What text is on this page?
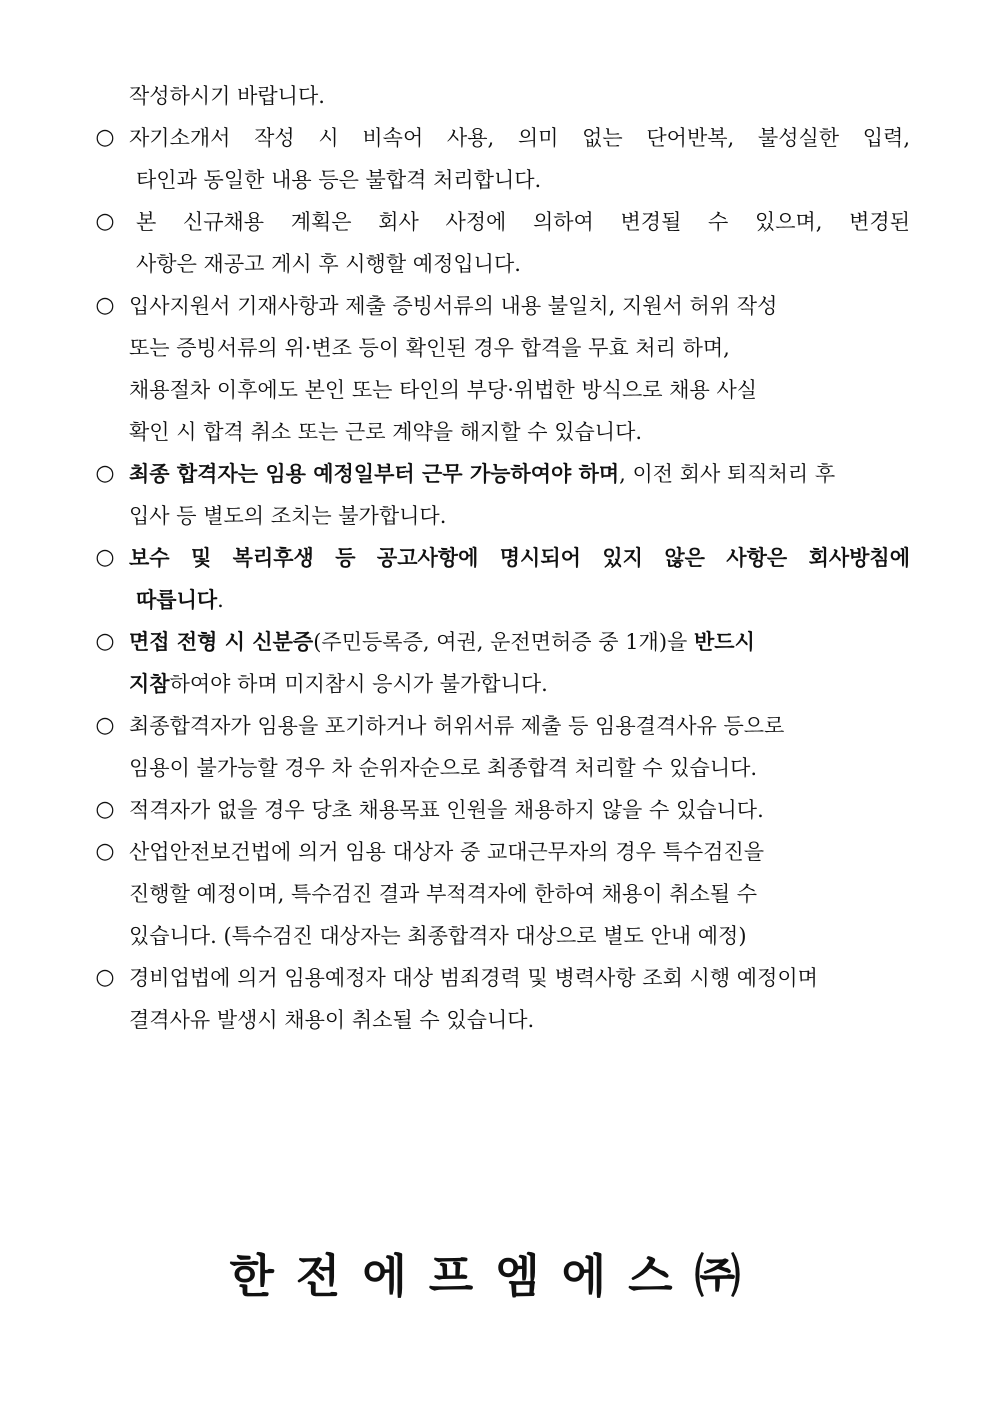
작성하시기 바랍니다.
○ 자기소개서 작성 시 비속어 사용, 의미 없는 단어반복, 불성실한 입력,
타인과 동일한 내용 등은 불합격 처리합니다.
○ 본 신규채용 계획은 회사 사정에 의하여 변경될 수 있으며, 변경된
사항은 재공고 게시 후 시행할 예정입니다.
○ 입사지원서 기재사항과 제출 증빙서류의 내용 불일치, 지원서 허위 작성
또는 증빙서류의 위·변조 등이 확인된 경우 합격을 무효 처리 하며,
채용절차 이후에도 본인 또는 타인의 부당·위법한 방식으로 채용 사실
확인 시 합격 취소 또는 근로 계약을 해지할 수 있습니다.
○ 최종 합격자는 임용 예정일부터 근무 가능하여야 하며, 이전 회사 퇴직처리 후
입사 등 별도의 조치는 불가합니다.
○ 보수 및 복리후생 등 공고사항에 명시되어 있지 않은 사항은 회사방침에
따릅니다.
○ 면접 전형 시 신분증(주민등록증, 여권, 운전면허증 중 1개)을 반드시
지참하여야 하며 미지참시 응시가 불가합니다.
○ 최종합격자가 임용을 포기하거나 허위서류 제출 등 임용결격사유 등으로
임용이 불가능할 경우 차 순위자순으로 최종합격 처리할 수 있습니다.
○ 적격자가 없을 경우 당초 채용목표 인원을 채용하지 않을 수 있습니다.
○ 산업안전보건법에 의거 임용 대상자 중 교대근무자의 경우 특수검진을
진행할 예정이며, 특수검진 결과 부적격자에 한하여 채용이 취소될 수
있습니다. (특수검진 대상자는 최종합격자 대상으로 별도 안내 예정)
○ 경비업법에 의거 임용예정자 대상 범죄경력 및 병력사항 조회 시행 예정이며
결격사유 발생시 채용이 취소될 수 있습니다.
한전에프엠에스㈜
